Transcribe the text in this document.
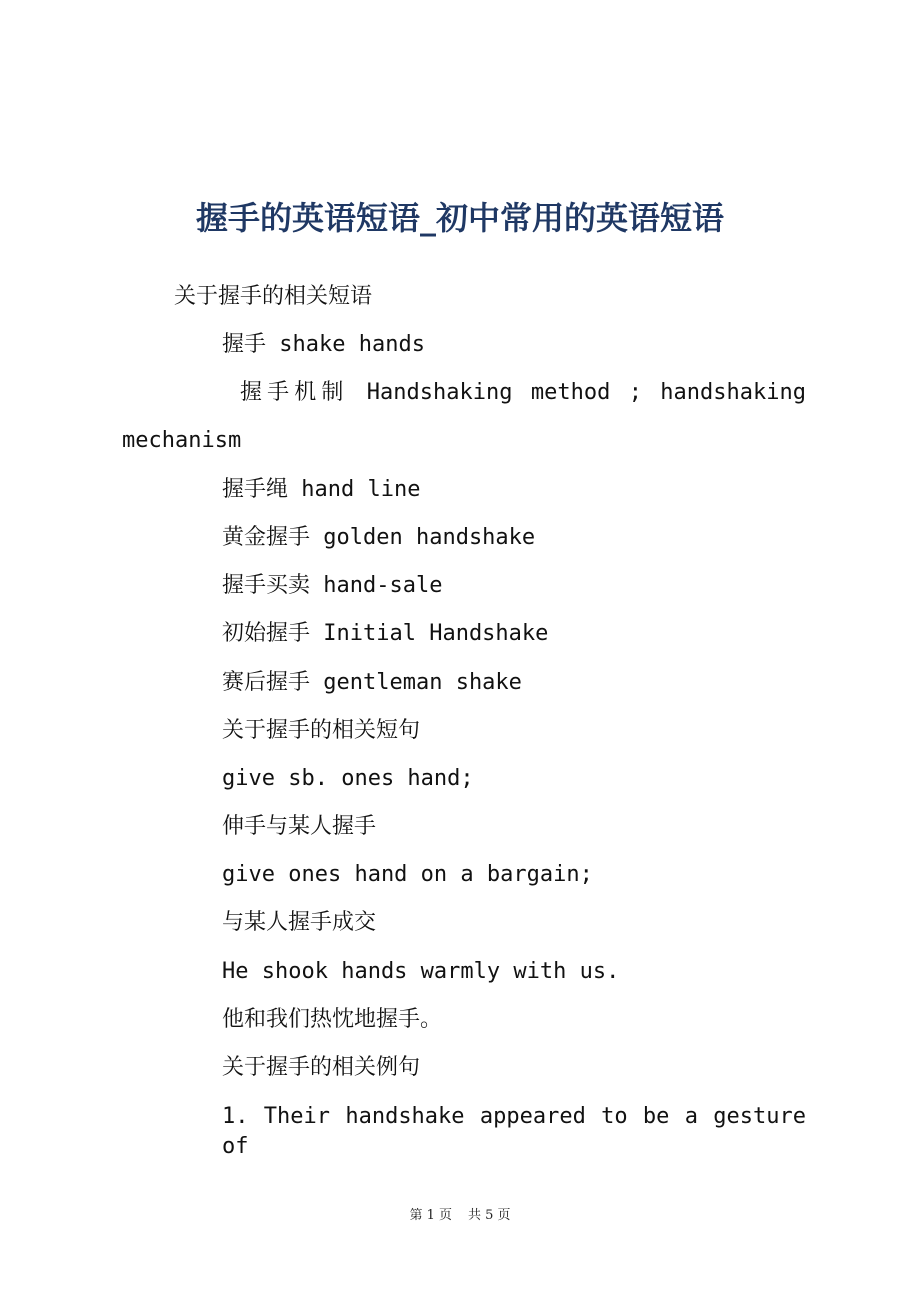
握手的英语短语_初中常用的英语短语
关于握手的相关短语
握手 shake hands
握手机制 Handshaking method ; handshaking mechanism
握手绳 hand line
黄金握手 golden handshake
握手买卖 hand-sale
初始握手 Initial Handshake
赛后握手 gentleman shake
关于握手的相关短句
give sb. ones hand;
伸手与某人握手
give ones hand on a bargain;
与某人握手成交
He shook hands warmly with us.
他和我们热忱地握手。
关于握手的相关例句
1. Their handshake appeared to be a gesture of
第 1 页 共 5 页
